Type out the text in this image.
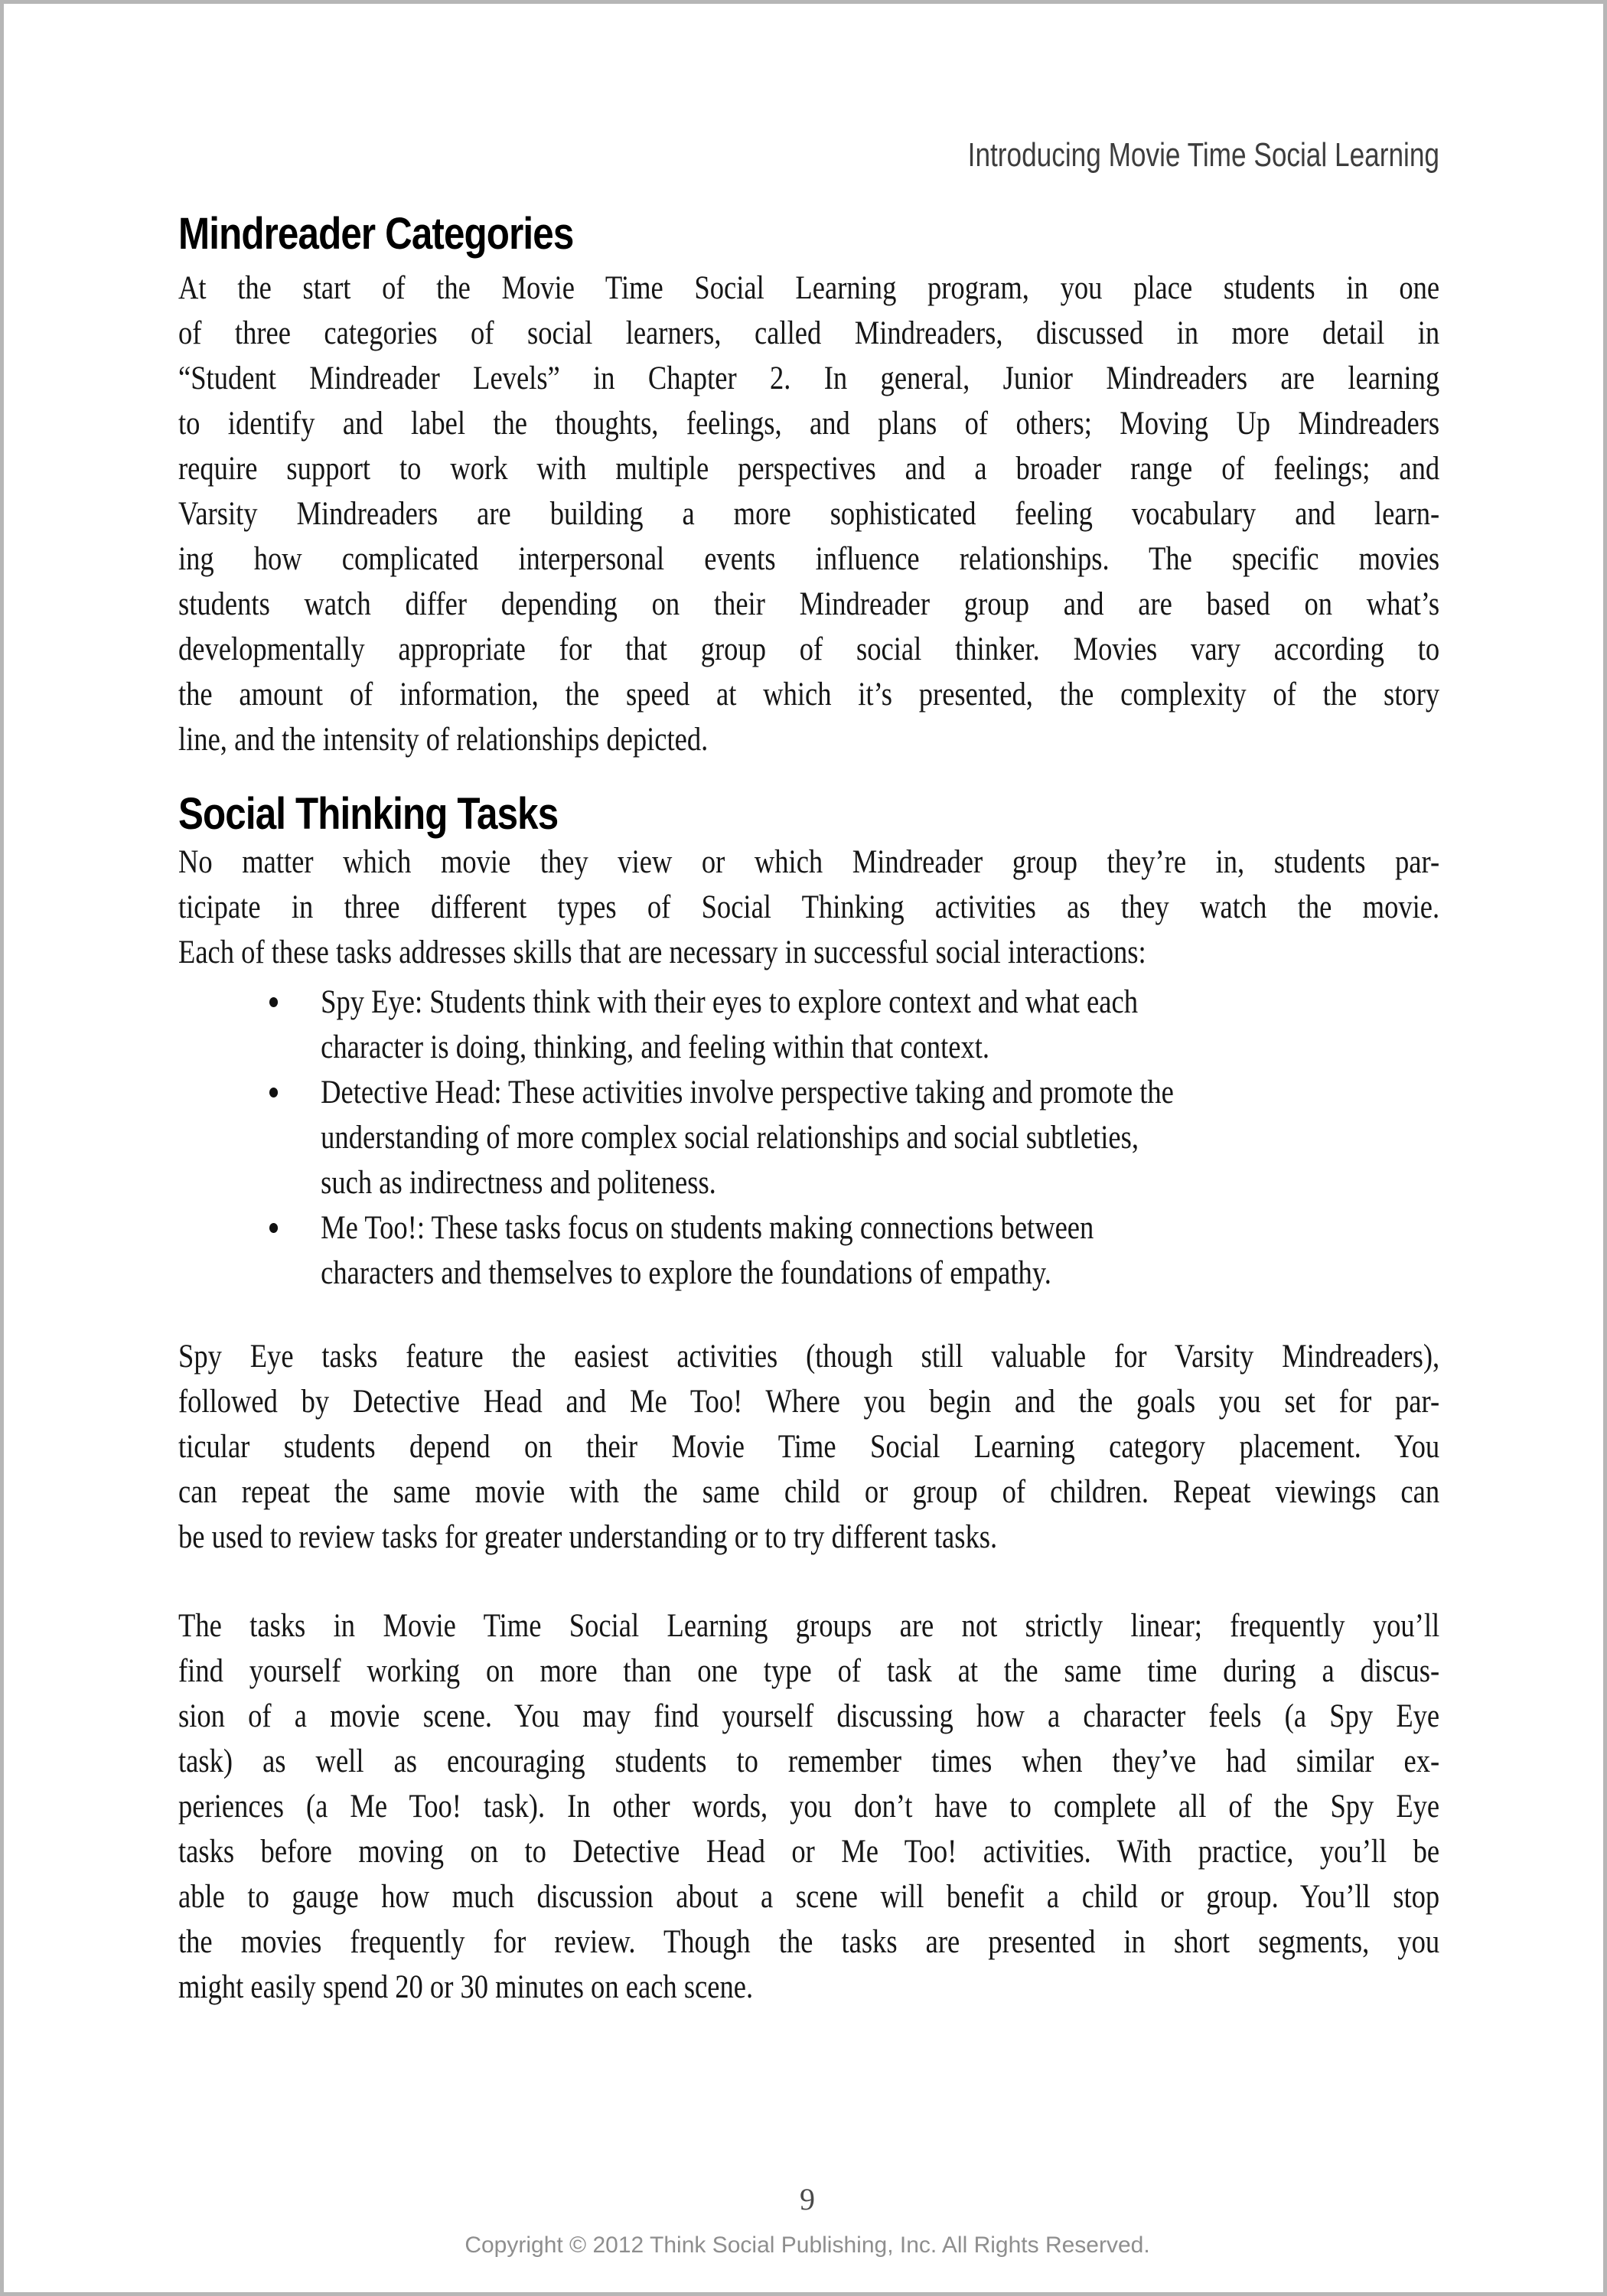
Introducing Movie Time Social Learning
Mindreader Categories
At the start of the Movie Time Social Learning program, you place students in one
of three categories of social learners, called Mindreaders, discussed in more detail in
“Student Mindreader Levels” in Chapter 2. In general, Junior Mindreaders are learning
to identify and label the thoughts, feelings, and plans of others; Moving Up Mindreaders
require support to work with multiple perspectives and a broader range of feelings; and
Varsity Mindreaders are building a more sophisticated feeling vocabulary and learn-
ing how complicated interpersonal events influence relationships. The specific movies
students watch differ depending on their Mindreader group and are based on what’s
developmentally appropriate for that group of social thinker. Movies vary according to
the amount of information, the speed at which it’s presented, the complexity of the story
line, and the intensity of relationships depicted.
Social Thinking Tasks
No matter which movie they view or which Mindreader group they’re in, students par-
ticipate in three different types of Social Thinking activities as they watch the movie.
Each of these tasks addresses skills that are necessary in successful social interactions:
Spy Eye: Students think with their eyes to explore context and what each
character is doing, thinking, and feeling within that context.
Detective Head: These activities involve perspective taking and promote the
understanding of more complex social relationships and social subtleties,
such as indirectness and politeness.
Me Too!: These tasks focus on students making connections between
characters and themselves to explore the foundations of empathy.
Spy Eye tasks feature the easiest activities (though still valuable for Varsity Mindreaders),
followed by Detective Head and Me Too! Where you begin and the goals you set for par-
ticular students depend on their Movie Time Social Learning category placement. You
can repeat the same movie with the same child or group of children. Repeat viewings can
be used to review tasks for greater understanding or to try different tasks.
The tasks in Movie Time Social Learning groups are not strictly linear; frequently you’ll
find yourself working on more than one type of task at the same time during a discus-
sion of a movie scene. You may find yourself discussing how a character feels (a Spy Eye
task) as well as encouraging students to remember times when they’ve had similar ex-
periences (a Me Too! task). In other words, you don’t have to complete all of the Spy Eye
tasks before moving on to Detective Head or Me Too! activities. With practice, you’ll be
able to gauge how much discussion about a scene will benefit a child or group. You’ll stop
the movies frequently for review. Though the tasks are presented in short segments, you
might easily spend 20 or 30 minutes on each scene.
9
Copyright © 2012 Think Social Publishing, Inc. All Rights Reserved.
